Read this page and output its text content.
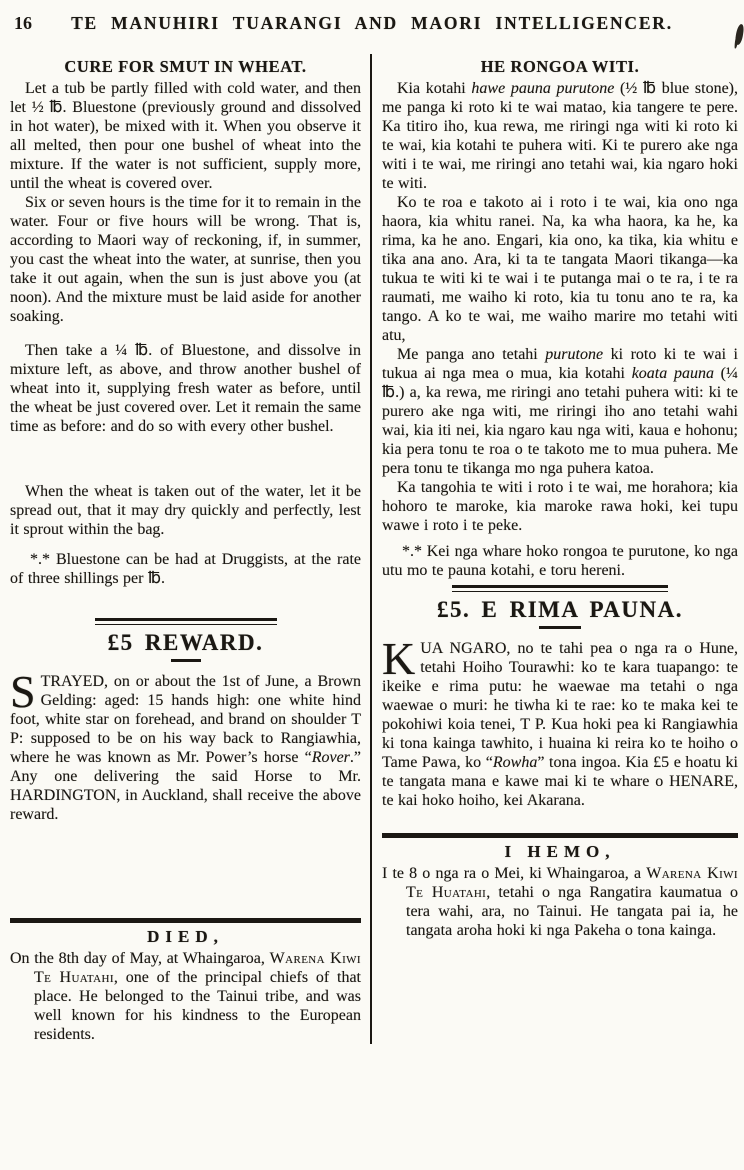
16	TE MANUHIRI TUARANGI AND MAORI INTELLIGENCER.
CURE FOR SMUT IN WHEAT.

Let a tub be partly filled with cold water, and then let ½ ℔. Bluestone (previously ground and dissolved in hot water), be mixed with it. When you observe it all melted, then pour one bushel of wheat into the mixture. If the water is not sufficient, supply more, until the wheat is covered over.

Six or seven hours is the time for it to remain in the water. Four or five hours will be wrong. That is, according to Maori way of reckoning, if, in summer, you cast the wheat into the water, at sunrise, then you take it out again, when the sun is just above you (at noon). And the mixture must be laid aside for another soaking.

Then take a ¼ ℔. of Bluestone, and dissolve in mixture left, as above, and throw another bushel of wheat into it, supplying fresh water as before, until the wheat be just covered over. Let it remain the same time as before: and do so with every other bushel.

When the wheat is taken out of the water, let it be spread out, that it may dry quickly and perfectly, lest it sprout within the bag.

*.* Bluestone can be had at Druggists, at the rate of three shillings per ℔.

£5 REWARD.

STRAYED, on or about the 1st of June, a Brown Gelding: aged: 15 hands high: one white hind foot, white star on forehead, and brand on shoulder T P: supposed to be on his way back to Rangiawhia, where he was known as Mr. Power’s horse “Rover.” Any one delivering the said Horse to Mr. HARDINGTON, in Auckland, shall receive the above reward.

DIED,

On the 8th day of May, at Whaingaroa, Warena Kiwi Te Huatahi, one of the principal chiefs of that place. He belonged to the Tainui tribe, and was well known for his kindness to the European residents.

HE RONGOA WITI.

Kia kotahi hawe pauna purutone (½ ℔ blue stone), me panga ki roto ki te wai matao, kia tangere te pere. Ka titiro iho, kua rewa, me riringi nga witi ki roto ki te wai, kia kotahi te puhera witi. Ki te purero ake nga witi i te wai, me riringi ano tetahi wai, kia ngaro hoki te witi.

Ko te roa e takoto ai i roto i te wai, kia ono nga haora, kia whitu ranei. Na, ka wha haora, ka he, ka rima, ka he ano. Engari, kia ono, ka tika, kia whitu e tika ana ano. Ara, ki ta te tangata Maori tikanga—ka tukua te witi ki te wai i te putanga mai o te ra, i te ra raumati, me waiho ki roto, kia tu tonu ano te ra, ka tango. A ko te wai, me waiho marire mo tetahi witi atu,

Me panga ano tetahi purutone ki roto ki te wai i tukua ai nga mea o mua, kia kotahi koata pauna (¼ ℔.) a, ka rewa, me riringi ano tetahi puhera witi: ki te purero ake nga witi, me riringi iho ano tetahi wahi wai, kia iti nei, kia ngaro kau nga witi, kaua e hohonu; kia pera tonu te roa o te takoto me to mua puhera. Me pera tonu te tikanga mo nga puhera katoa.

Ka tangohia te witi i roto i te wai, me horahora; kia hohoro te maroke, kia maroke rawa hoki, kei tupu wawe i roto i te peke.

*.* Kei nga whare hoko rongoa te purutone, ko nga utu mo te pauna kotahi, e toru hereni.

£5. E RIMA PAUNA.

KUA NGARO, no te tahi pea o nga ra o Hune, tetahi Hoiho Tourawhi: ko te kara tuapango: te ikeike e rima putu: he waewae ma tetahi o nga waewae o muri: he tiwha ki te rae: ko te maka kei te pokohiwi koia tenei, T P. Kua hoki pea ki Rangiawhia ki tona kainga tawhito, i huaina ki reira ko te hoiho o Tame Pawa, ko “Rowha” tona ingoa. Kia £5 e hoatu ki te tangata mana e kawe mai ki te whare o HENARE, te kai hoko hoiho, kei Akarana.

I HEMO,

I te 8 o nga ra o Mei, ki Whaingaroa, a Warena Kiwi Te Huatahi, tetahi o nga Rangatira kaumatua o tera wahi, ara, no Tainui. He tangata pai ia, he tangata aroha hoki ki nga Pakeha o tona kainga.
